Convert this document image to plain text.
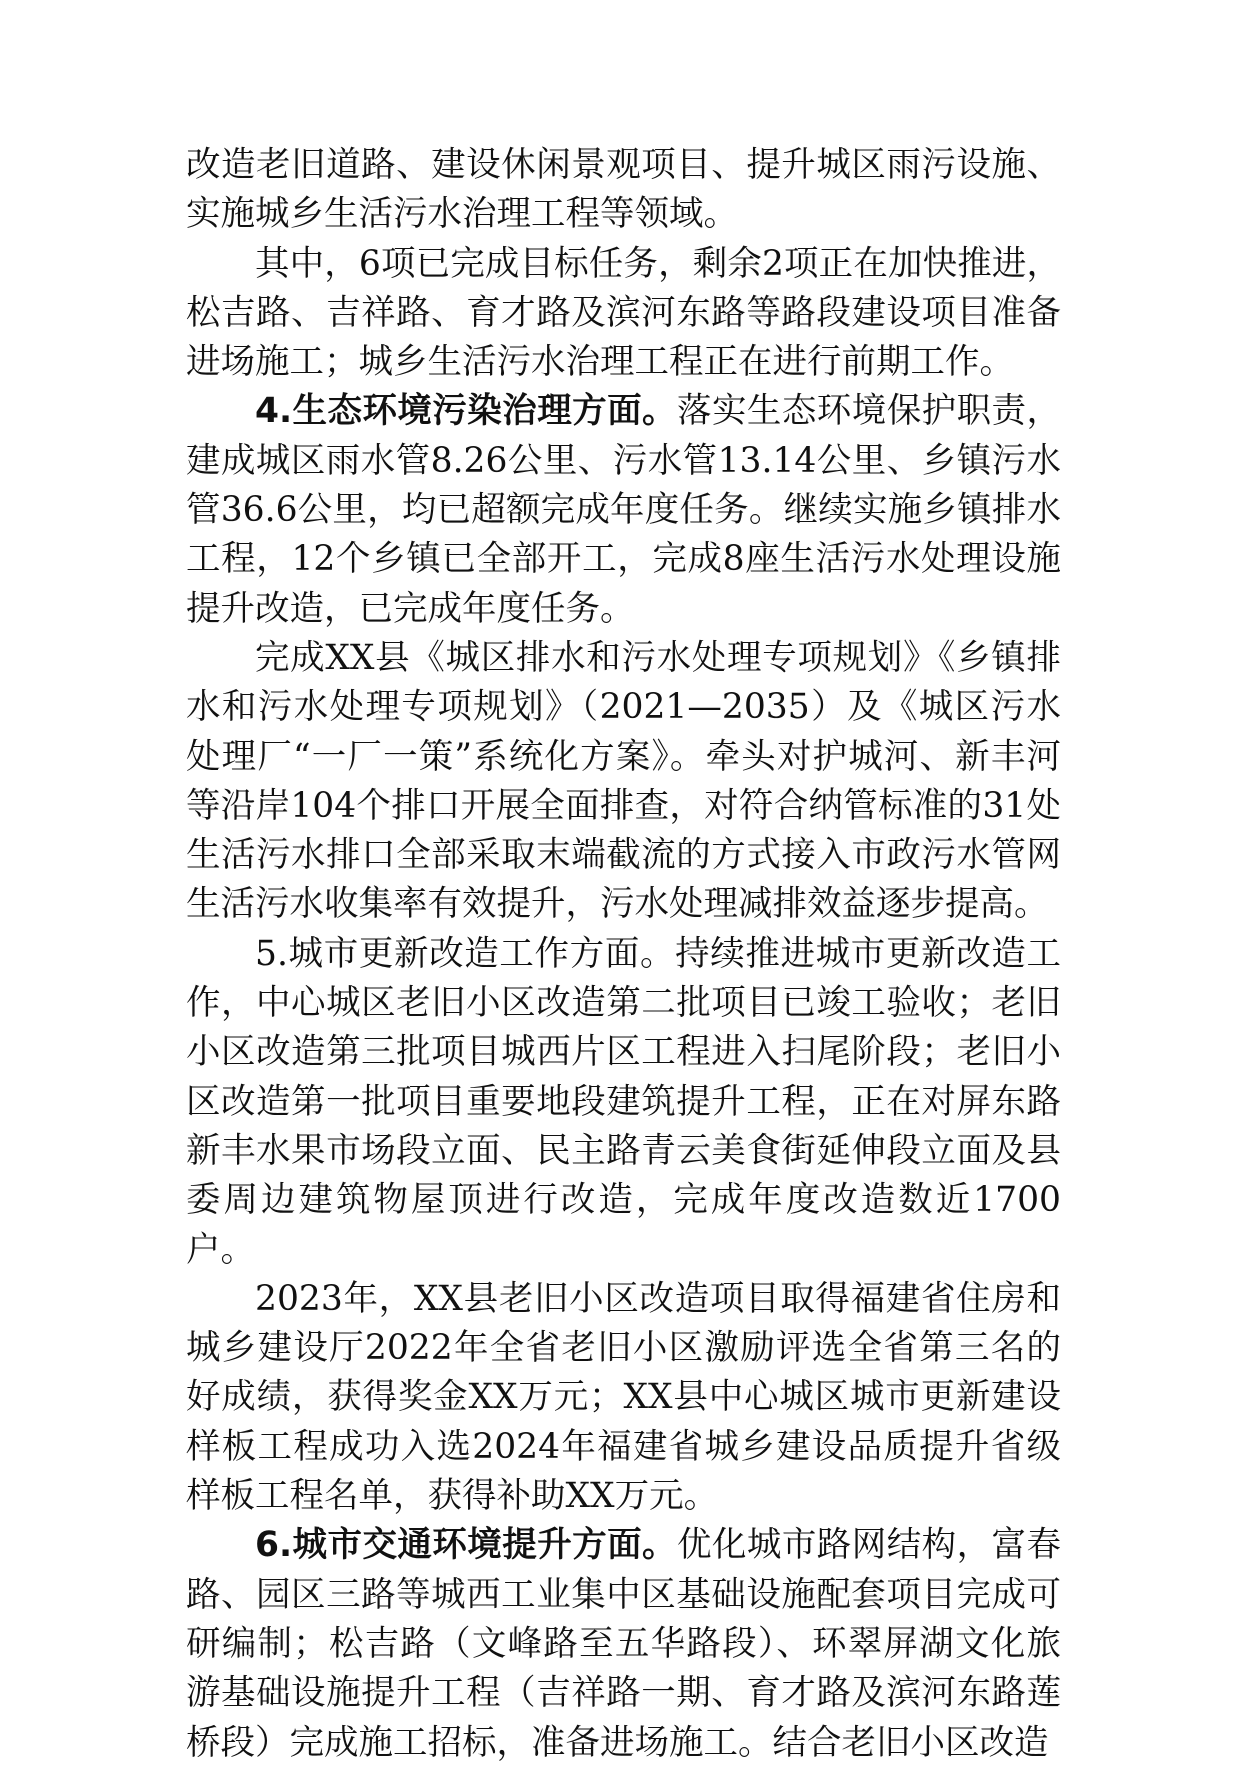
改造老旧道路、建设休闲景观项目、提升城区雨污设施、实施城乡生活污水治理工程等领域。

其中，6项已完成目标任务，剩余2项正在加快推进，松吉路、吉祥路、育才路及滨河东路等路段建设项目准备进场施工；城乡生活污水治理工程正在进行前期工作。

4.生态环境污染治理方面。落实生态环境保护职责，建成城区雨水管8.26公里、污水管13.14公里、乡镇污水管36.6公里，均已超额完成年度任务。继续实施乡镇排水工程，12个乡镇已全部开工，完成8座生活污水处理设施提升改造，已完成年度任务。

完成XX县《城区排水和污水处理专项规划》《乡镇排水和污水处理专项规划》（2021—2035）及《城区污水处理厂“一厂一策”系统化方案》。牵头对护城河、新丰河等沿岸104个排口开展全面排查，对符合纳管标准的31处生活污水排口全部采取末端截流的方式接入市政污水管网生活污水收集率有效提升，污水处理减排效益逐步提高。

5.城市更新改造工作方面。持续推进城市更新改造工作，中心城区老旧小区改造第二批项目已竣工验收；老旧小区改造第三批项目城西片区工程进入扫尾阶段；老旧小区改造第一批项目重要地段建筑提升工程，正在对屏东路新丰水果市场段立面、民主路青云美食街延伸段立面及县委周边建筑物屋顶进行改造，完成年度改造数近1700户。

2023年，XX县老旧小区改造项目取得福建省住房和城乡建设厅2022年全省老旧小区激励评选全省第三名的好成绩，获得奖金XX万元；XX县中心城区城市更新建设样板工程成功入选2024年福建省城乡建设品质提升省级样板工程名单，获得补助XX万元。

6.城市交通环境提升方面。优化城市路网结构，富春路、园区三路等城西工业集中区基础设施配套项目完成可研编制；松吉路（文峰路至五华路段）、环翠屏湖文化旅游基础设施提升工程（吉祥路一期、育才路及滨河东路莲桥段）完成施工招标，准备进场施工。结合老旧小区改造
